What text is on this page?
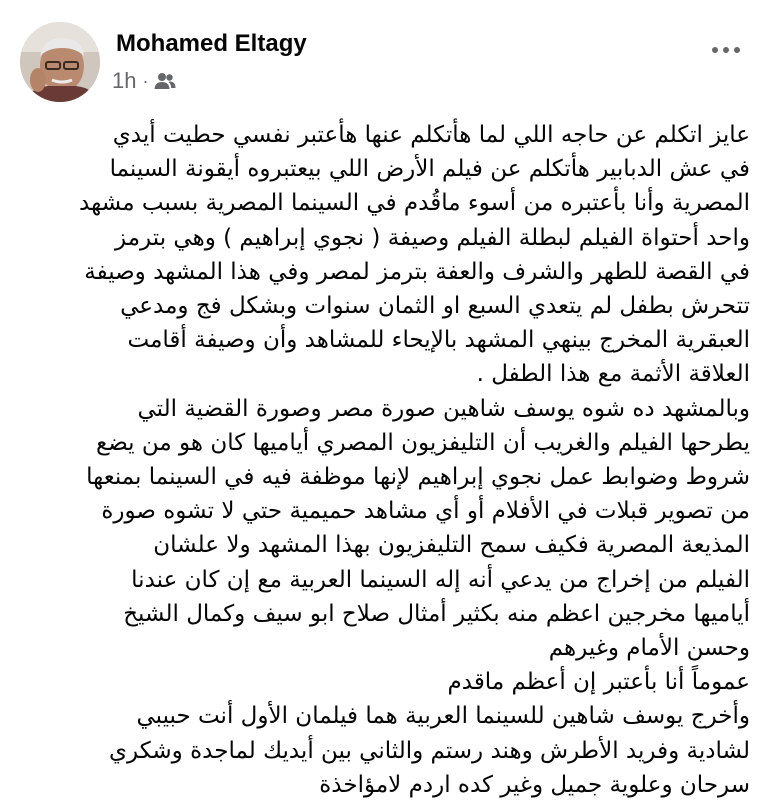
Mohamed Eltagy
1h ·
عايز اتكلم عن حاجه اللي لما هأتكلم عنها هأعتبر نفسي حطيت أيدي
في عش الدبابير هأتكلم عن فيلم الأرض اللي بيعتبروه أيقونة السينما
المصرية وأنا بأعتبره من أسوء ماقُدم في السينما المصرية بسبب مشهد
واحد أحتواة الفيلم لبطلة الفيلم وصيفة ( نجوي إبراهيم ) وهي بترمز
في القصة للطهر والشرف والعفة بترمز لمصر وفي هذا المشهد وصيفة
تتحرش بطفل لم يتعدي السبع او الثمان سنوات وبشكل فج ومدعي
العبقرية المخرج بينهي المشهد بالإيحاء للمشاهد وأن وصيفة أقامت
العلاقة الأثمة مع هذا الطفل .
وبالمشهد ده شوه يوسف شاهين صورة مصر وصورة القضية التي
يطرحها الفيلم والغريب أن التليفزيون المصري أياميها كان هو من يضع
شروط وضوابط عمل نجوي إبراهيم لإنها موظفة فيه في السينما بمنعها
من تصوير قبلات في الأفلام أو أي مشاهد حميمية حتي لا تشوه صورة
المذيعة المصرية فكيف سمح التليفزيون بهذا المشهد ولا علشان
الفيلم من إخراج من يدعي أنه إله السينما العربية مع إن كان عندنا
أياميها مخرجين اعظم منه بكثير أمثال صلاح ابو سيف وكمال الشيخ
وحسن الأمام وغيرهم
عموماً أنا بأعتبر إن أعظم ماقدم
وأخرج يوسف شاهين للسينما العربية هما فيلمان الأول أنت حبيبي
لشادية وفريد الأطرش وهند رستم والثاني بين أيديك لماجدة وشكري
سرحان وعلوية جميل وغير كده اردم لامؤاخذة
